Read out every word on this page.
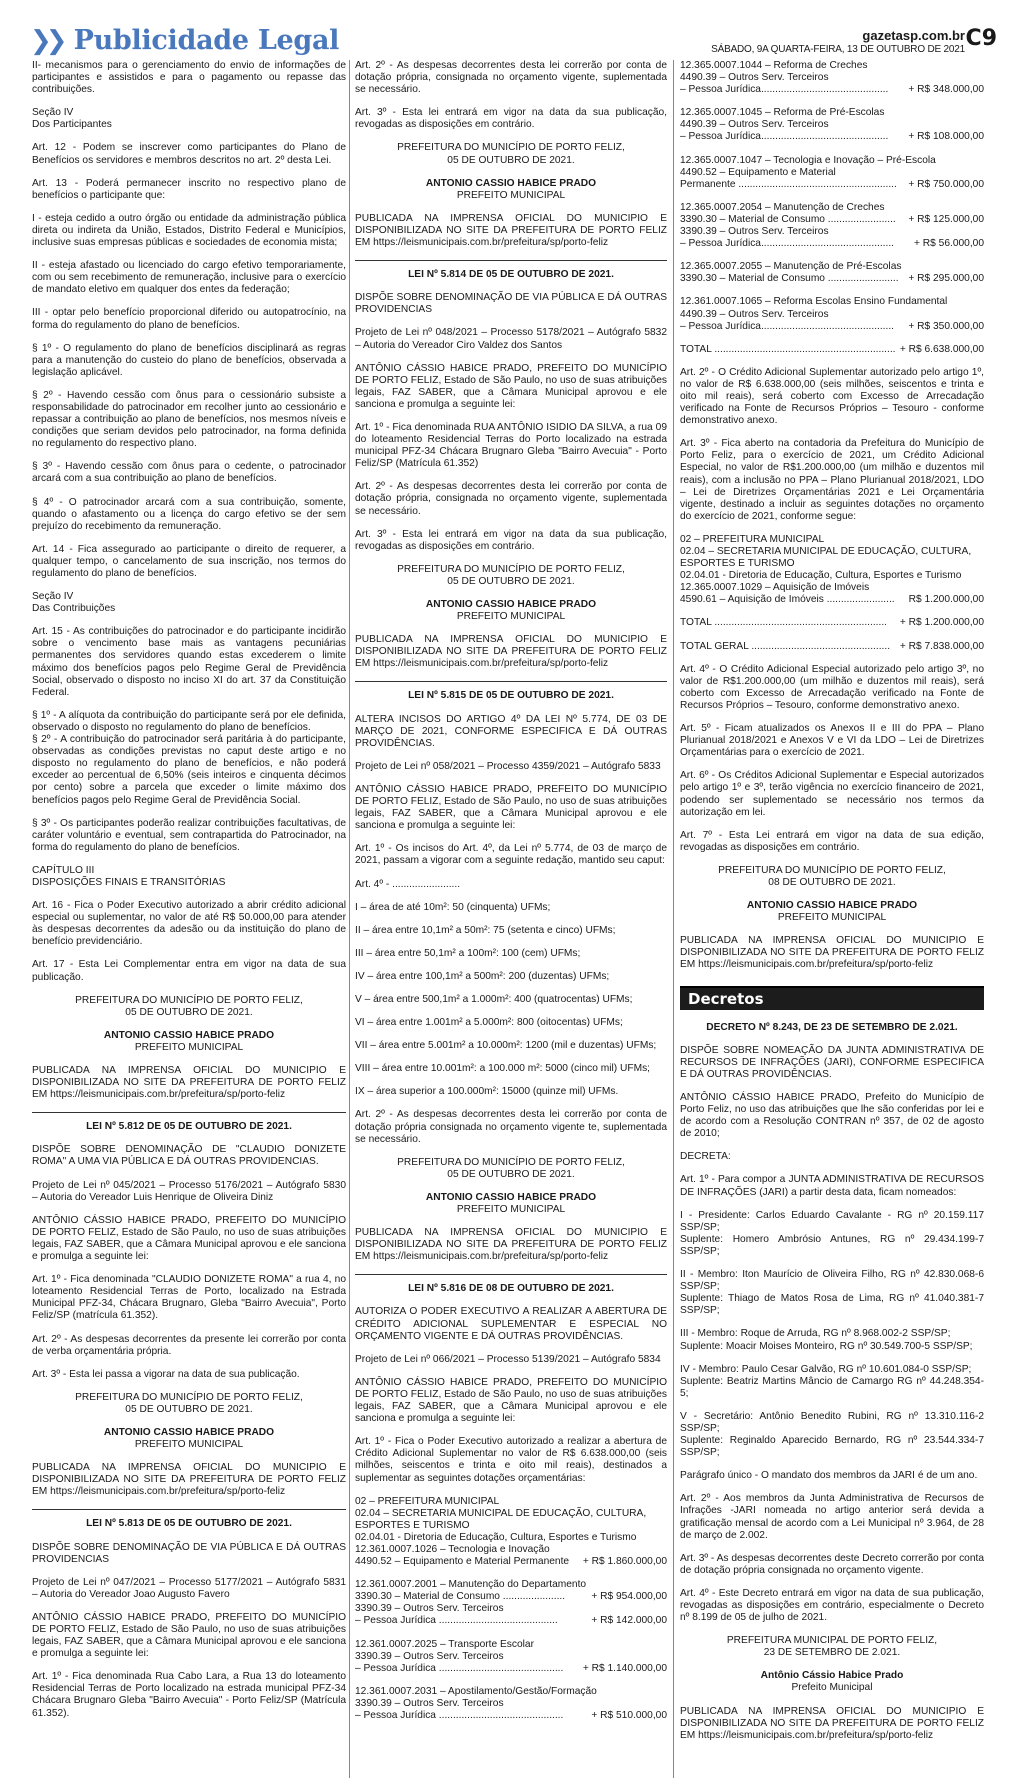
❯❯ Publicidade Legal	gazetasp.com.br
SÁBADO, 9A QUARTA-FEIRA, 13 DE OUTUBRO DE 2021 C9

II- mecanismos para o gerenciamento do envio de informações de participantes e assistidos e para o pagamento ou repasse das contribuições.

Seção IV
Dos Participantes

Art. 12 - Podem se inscrever como participantes do Plano de Benefícios os servidores e membros descritos no art. 2º desta Lei.

Art. 13 - Poderá permanecer inscrito no respectivo plano de benefícios o participante que:

I - esteja cedido a outro órgão ou entidade da administração pública direta ou indireta da União, Estados, Distrito Federal e Municípios, inclusive suas empresas públicas e sociedades de economia mista;

II - esteja afastado ou licenciado do cargo efetivo temporariamente, com ou sem recebimento de remuneração, inclusive para o exercício de mandato eletivo em qualquer dos entes da federação;

III - optar pelo benefício proporcional diferido ou autopatrocínio, na forma do regulamento do plano de benefícios.

§ 1º - O regulamento do plano de benefícios disciplinará as regras para a manutenção do custeio do plano de benefícios, observada a legislação aplicável.

§ 2º - Havendo cessão com ônus para o cessionário subsiste a responsabilidade do patrocinador em recolher junto ao cessionário e repassar a contribuição ao plano de benefícios, nos mesmos níveis e condições que seriam devidos pelo patrocinador, na forma definida no regulamento do respectivo plano.

§ 3º - Havendo cessão com ônus para o cedente, o patrocinador arcará com a sua contribuição ao plano de benefícios.

§ 4º - O patrocinador arcará com a sua contribuição, somente, quando o afastamento ou a licença do cargo efetivo se der sem prejuízo do recebimento da remuneração.

Art. 14 - Fica assegurado ao participante o direito de requerer, a qualquer tempo, o cancelamento de sua inscrição, nos termos do regulamento do plano de benefícios.

Seção IV
Das Contribuições

Art. 15 - As contribuições do patrocinador e do participante incidirão sobre o vencimento base mais as vantagens pecuniárias permanentes dos servidores quando estas excederem o limite máximo dos benefícios pagos pelo Regime Geral de Previdência Social, observado o disposto no inciso XI do art. 37 da Constituição Federal.

§ 1º - A alíquota da contribuição do participante será por ele definida, observado o disposto no regulamento do plano de benefícios.
§ 2º - A contribuição do patrocinador será paritária à do participante, observadas as condições previstas no caput deste artigo e no disposto no regulamento do plano de benefícios, e não poderá exceder ao percentual de 6,50% (seis inteiros e cinquenta décimos por cento) sobre a parcela que exceder o limite máximo dos benefícios pagos pelo Regime Geral de Previdência Social.

§ 3º - Os participantes poderão realizar contribuições facultativas, de caráter voluntário e eventual, sem contrapartida do Patrocinador, na forma do regulamento do plano de benefícios.

CAPÍTULO III
DISPOSIÇÕES FINAIS E TRANSITÓRIAS

Art. 16 - Fica o Poder Executivo autorizado a abrir crédito adicional especial ou suplementar, no valor de até R$ 50.000,00 para atender às despesas decorrentes da adesão ou da instituição do plano de benefício previdenciário.

Art. 17 - Esta Lei Complementar entra em vigor na data de sua publicação.

PREFEITURA DO MUNICÍPIO DE PORTO FELIZ,
05 DE OUTUBRO DE 2021.

ANTONIO CASSIO HABICE PRADO

PREFEITO MUNICIPAL

PUBLICADA NA IMPRENSA OFICIAL DO MUNICIPIO E DISPONIBILIZADA NO SITE DA PREFEITURA DE PORTO FELIZ EM https://leismunicipais.com.br/prefeitura/sp/porto-feliz

LEI Nº 5.812 DE 05 DE OUTUBRO DE 2021.

DISPÕE SOBRE DENOMINAÇÃO DE "CLAUDIO DONIZETE ROMA" A UMA VIA PÚBLICA E DÁ OUTRAS PROVIDENCIAS.

Projeto de Lei nº 045/2021 – Processo 5176/2021 – Autógrafo 5830 – Autoria do Vereador Luis Henrique de Oliveira Diniz

ANTÔNIO CÁSSIO HABICE PRADO, PREFEITO DO MUNICÍPIO DE PORTO FELIZ, Estado de São Paulo, no uso de suas atribuições legais, FAZ SABER, que a Câmara Municipal aprovou e ele sanciona e promulga a seguinte lei:

Art. 1º - Fica denominada "CLAUDIO DONIZETE ROMA" a rua 4, no loteamento Residencial Terras de Porto, localizado na Estrada Municipal PFZ-34, Chácara Brugnaro, Gleba "Bairro Avecuia", Porto Feliz/SP (matrícula 61.352).

Art. 2º - As despesas decorrentes da presente lei correrão por conta de verba orçamentária própria.

Art. 3º - Esta lei passa a vigorar na data de sua publicação.

PREFEITURA DO MUNICÍPIO DE PORTO FELIZ,
05 DE OUTUBRO DE 2021.

ANTONIO CASSIO HABICE PRADO

PREFEITO MUNICIPAL

PUBLICADA NA IMPRENSA OFICIAL DO MUNICIPIO E DISPONIBILIZADA NO SITE DA PREFEITURA DE PORTO FELIZ EM https://leismunicipais.com.br/prefeitura/sp/porto-feliz

LEI Nº 5.813 DE 05 DE OUTUBRO DE 2021.

DISPÕE SOBRE DENOMINAÇÃO DE VIA PÚBLICA E DÁ OUTRAS PROVIDENCIAS

Projeto de Lei nº 047/2021 – Processo 5177/2021 – Autógrafo 5831 – Autoria do Vereador Joao Augusto Favero

ANTÔNIO CÁSSIO HABICE PRADO, PREFEITO DO MUNICÍPIO DE PORTO FELIZ, Estado de São Paulo, no uso de suas atribuições legais, FAZ SABER, que a Câmara Municipal aprovou e ele sanciona e promulga a seguinte lei:

Art. 1º - Fica denominada Rua Cabo Lara, a Rua 13 do loteamento Residencial Terras de Porto localizado na estrada municipal PFZ-34 Chácara Brugnaro Gleba "Bairro Avecuia" - Porto Feliz/SP (Matrícula 61.352).

Art. 2º - As despesas decorrentes desta lei correrão por conta de dotação própria, consignada no orçamento vigente, suplementada se necessário.

Art. 3º - Esta lei entrará em vigor na data da sua publicação, revogadas as disposições em contrário.

PREFEITURA DO MUNICÍPIO DE PORTO FELIZ,
05 DE OUTUBRO DE 2021.

ANTONIO CASSIO HABICE PRADO

PREFEITO MUNICIPAL

PUBLICADA NA IMPRENSA OFICIAL DO MUNICIPIO E DISPONIBILIZADA NO SITE DA PREFEITURA DE PORTO FELIZ EM https://leismunicipais.com.br/prefeitura/sp/porto-feliz

LEI Nº 5.814 DE 05 DE OUTUBRO DE 2021.

DISPÕE SOBRE DENOMINAÇÃO DE VIA PÚBLICA E DÁ OUTRAS PROVIDENCIAS

Projeto de Lei nº 048/2021 – Processo 5178/2021 – Autógrafo 5832 – Autoria do Vereador Ciro Valdez dos Santos

ANTÔNIO CÁSSIO HABICE PRADO, PREFEITO DO MUNICÍPIO DE PORTO FELIZ, Estado de São Paulo, no uso de suas atribuições legais, FAZ SABER, que a Câmara Municipal aprovou e ele sanciona e promulga a seguinte lei:

Art. 1º - Fica denominada RUA ANTÔNIO ISIDIO DA SILVA, a rua 09 do loteamento Residencial Terras do Porto localizado na estrada municipal PFZ-34 Chácara Brugnaro Gleba "Bairro Avecuia" - Porto Feliz/SP (Matrícula 61.352)

Art. 2º - As despesas decorrentes desta lei correrão por conta de dotação própria, consignada no orçamento vigente, suplementada se necessário.

Art. 3º - Esta lei entrará em vigor na data da sua publicação, revogadas as disposições em contrário.

PREFEITURA DO MUNICÍPIO DE PORTO FELIZ,
05 DE OUTUBRO DE 2021.

ANTONIO CASSIO HABICE PRADO

PREFEITO MUNICIPAL

PUBLICADA NA IMPRENSA OFICIAL DO MUNICIPIO E DISPONIBILIZADA NO SITE DA PREFEITURA DE PORTO FELIZ EM https://leismunicipais.com.br/prefeitura/sp/porto-feliz

LEI Nº 5.815 DE 05 DE OUTUBRO DE 2021.

ALTERA INCISOS DO ARTIGO 4º DA LEI Nº 5.774, DE 03 DE MARÇO DE 2021, CONFORME ESPECIFICA E DÁ OUTRAS PROVIDÊNCIAS.

Projeto de Lei nº 058/2021 – Processo 4359/2021 – Autógrafo 5833

ANTÔNIO CÁSSIO HABICE PRADO, PREFEITO DO MUNICÍPIO DE PORTO FELIZ, Estado de São Paulo, no uso de suas atribuições legais, FAZ SABER, que a Câmara Municipal aprovou e ele sanciona e promulga a seguinte lei:

Art. 1º - Os incisos do Art. 4º, da Lei nº 5.774, de 03 de março de 2021, passam a vigorar com a seguinte redação, mantido seu caput:

Art. 4º - ........................

I – área de até 10m²: 50 (cinquenta) UFMs;

II – área entre 10,1m² a 50m²: 75 (setenta e cinco) UFMs;

III – área entre 50,1m² a 100m²: 100 (cem) UFMs;

IV – área entre 100,1m² a 500m²: 200 (duzentas) UFMs;

V – área entre 500,1m² a 1.000m²: 400 (quatrocentas) UFMs;

VI – área entre 1.001m² a 5.000m²: 800 (oitocentas) UFMs;

VII – área entre 5.001m² a 10.000m²: 1200 (mil e duzentas) UFMs;

VIII – área entre 10.001m²: a 100.000 m²: 5000 (cinco mil) UFMs;

IX – área superior a 100.000m²: 15000 (quinze mil) UFMs.

Art. 2º - As despesas decorrentes desta lei correrão por conta de dotação própria consignada no orçamento vigente te, suplementada se necessário.

PREFEITURA DO MUNICÍPIO DE PORTO FELIZ,
05 DE OUTUBRO DE 2021.

ANTONIO CASSIO HABICE PRADO

PREFEITO MUNICIPAL

PUBLICADA NA IMPRENSA OFICIAL DO MUNICIPIO E DISPONIBILIZADA NO SITE DA PREFEITURA DE PORTO FELIZ EM https://leismunicipais.com.br/prefeitura/sp/porto-feliz

LEI Nº 5.816 DE 08 DE OUTUBRO DE 2021.

AUTORIZA O PODER EXECUTIVO A REALIZAR A ABERTURA DE CRÉDITO ADICIONAL SUPLEMENTAR E ESPECIAL NO ORÇAMENTO VIGENTE E DÁ OUTRAS PROVIDÊNCIAS.

Projeto de Lei nº 066/2021 – Processo 5139/2021 – Autógrafo 5834

ANTÔNIO CÁSSIO HABICE PRADO, PREFEITO DO MUNICÍPIO DE PORTO FELIZ, Estado de São Paulo, no uso de suas atribuições legais, FAZ SABER, que a Câmara Municipal aprovou e ele sanciona e promulga a seguinte lei:

Art. 1º - Fica o Poder Executivo autorizado a realizar a abertura de Crédito Adicional Suplementar no valor de R$ 6.638.000,00 (seis milhões, seiscentos e trinta e oito mil reais), destinados a suplementar as seguintes dotações orçamentárias:

02 – PREFEITURA MUNICIPAL
02.04 – SECRETARIA MUNICIPAL DE EDUCAÇÃO, CULTURA, ESPORTES E TURISMO
02.04.01 - Diretoria de Educação, Cultura, Esportes e Turismo
12.361.0007.1026 – Tecnologia e Inovação
4490.52 – Equipamento e Material Permanente + R$ 1.860.000,00
12.361.0007.2001 – Manutenção do Departamento
3390.30 – Material de Consumo ......................	+ R$ 954.000,00
3390.39 – Outros Serv. Terceiros
– Pessoa Jurídica ..........................................	+ R$ 142.000,00
12.361.0007.2025 – Transporte Escolar
3390.39 – Outros Serv. Terceiros
– Pessoa Jurídica ............................................ + R$ 1.140.000,00
12.361.0007.2031 – Apostilamento/Gestão/Formação
3390.39 – Outros Serv. Terceiros
– Pessoa Jurídica ............................................	+ R$ 510.000,00
12.365.0007.1044 – Reforma de Creches
4490.39 – Outros Serv. Terceiros
– Pessoa Jurídica............................................. + R$ 348.000,00
12.365.0007.1045 – Reforma de Pré-Escolas
4490.39 – Outros Serv. Terceiros
– Pessoa Jurídica............................................. + R$ 108.000,00
12.365.0007.1047 – Tecnologia e Inovação – Pré-Escola
4490.52 – Equipamento e Material
Permanente ........................................................ + R$ 750.000,00
12.365.0007.2054 – Manutenção de Creches
3390.30 – Material de Consumo ........................ + R$ 125.000,00
3390.39 – Outros Serv. Terceiros
– Pessoa Jurídica............................................... + R$ 56.000,00
12.365.0007.2055 – Manutenção de Pré-Escolas
3390.30 – Material de Consumo ......................... + R$ 295.000,00
12.361.0007.1065 – Reforma Escolas Ensino Fundamental
4490.39 – Outros Serv. Terceiros
– Pessoa Jurídica............................................... + R$ 350.000,00
TOTAL ................................................................ + R$ 6.638.000,00

Art. 2º - O Crédito Adicional Suplementar autorizado pelo artigo 1º, no valor de R$ 6.638.000,00 (seis milhões, seiscentos e trinta e oito mil reais), será coberto com Excesso de Arrecadação verificado na Fonte de Recursos Próprios – Tesouro - conforme demonstrativo anexo.

Art. 3º - Fica aberto na contadoria da Prefeitura do Município de Porto Feliz, para o exercício de 2021, um Crédito Adicional Especial, no valor de R$1.200.000,00 (um milhão e duzentos mil reais), com a inclusão no PPA – Plano Plurianual 2018/2021, LDO – Lei de Diretrizes Orçamentárias 2021 e Lei Orçamentária vigente, destinado a incluir as seguintes dotações no orçamento do exercício de 2021, conforme segue:

02 – PREFEITURA MUNICIPAL
02.04 – SECRETARIA MUNICIPAL DE EDUCAÇÃO, CULTURA, ESPORTES E TURISMO
02.04.01 - Diretoria de Educação, Cultura, Esportes e Turismo
12.365.0007.1029 – Aquisição de Imóveis
4590.61 – Aquisição de Imóveis ........................ R$ 1.200.000,00
TOTAL ............................................................. + R$ 1.200.000,00
TOTAL GERAL ................................................. + R$ 7.838.000,00

Art. 4º - O Crédito Adicional Especial autorizado pelo artigo 3º, no valor de R$1.200.000,00 (um milhão e duzentos mil reais), será coberto com Excesso de Arrecadação verificado na Fonte de Recursos Próprios – Tesouro, conforme demonstrativo anexo.

Art. 5º - Ficam atualizados os Anexos II e III do PPA – Plano Plurianual 2018/2021 e Anexos V e VI da LDO – Lei de Diretrizes Orçamentárias para o exercício de 2021.

Art. 6º - Os Créditos Adicional Suplementar e Especial autorizados pelo artigo 1º e 3º, terão vigência no exercício financeiro de 2021, podendo ser suplementado se necessário nos termos da autorização em lei.

Art. 7º - Esta Lei entrará em vigor na data de sua edição, revogadas as disposições em contrário.

PREFEITURA DO MUNICÍPIO DE PORTO FELIZ,
08 DE OUTUBRO DE 2021.

ANTONIO CASSIO HABICE PRADO

PREFEITO MUNICIPAL

PUBLICADA NA IMPRENSA OFICIAL DO MUNICIPIO E DISPONIBILIZADA NO SITE DA PREFEITURA DE PORTO FELIZ EM https://leismunicipais.com.br/prefeitura/sp/porto-feliz

Decretos

DECRETO Nº 8.243, DE 23 DE SETEMBRO DE 2.021.

DISPÕE SOBRE NOMEAÇÃO DA JUNTA ADMINISTRATIVA DE RECURSOS DE INFRAÇÕES (JARI), CONFORME ESPECIFICA E DÁ OUTRAS PROVIDÊNCIAS.

ANTÔNIO CÁSSIO HABICE PRADO, Prefeito do Município de Porto Feliz, no uso das atribuições que lhe são conferidas por lei e de acordo com a Resolução CONTRAN nº 357, de 02 de agosto de 2010;

DECRETA:

Art. 1º - Para compor a JUNTA ADMINISTRATIVA DE RECURSOS DE INFRAÇÕES (JARI) a partir desta data, ficam nomeados:

I - Presidente: Carlos Eduardo Cavalante - RG nº 20.159.117 SSP/SP;
Suplente: Homero Ambrósio Antunes, RG nº 29.434.199-7 SSP/SP;

II - Membro: Iton Maurício de Oliveira Filho, RG nº 42.830.068-6 SSP/SP;
Suplente: Thiago de Matos Rosa de Lima, RG nº 41.040.381-7 SSP/SP;

III - Membro: Roque de Arruda, RG nº 8.968.002-2 SSP/SP;
Suplente: Moacir Moises Monteiro, RG nº 30.549.700-5 SSP/SP;

IV - Membro: Paulo Cesar Galvão, RG nº 10.601.084-0 SSP/SP;
Suplente: Beatriz Martins Mâncio de Camargo RG nº 44.248.354-5;

V - Secretário: Antônio Benedito Rubini, RG nº 13.310.116-2 SSP/SP;
Suplente: Reginaldo Aparecido Bernardo, RG nº 23.544.334-7 SSP/SP;

Parágrafo único - O mandato dos membros da JARI é de um ano.

Art. 2º - Aos membros da Junta Administrativa de Recursos de Infrações -JARI nomeada no artigo anterior será devida a gratificação mensal de acordo com a Lei Municipal nº 3.964, de 28 de março de 2.002.

Art. 3º - As despesas decorrentes deste Decreto correrão por conta de dotação própria consignada no orçamento vigente.

Art. 4º - Este Decreto entrará em vigor na data de sua publicação, revogadas as disposições em contrário, especialmente o Decreto nº 8.199 de 05 de julho de 2021.

PREFEITURA MUNICIPAL DE PORTO FELIZ,
23 DE SETEMBRO DE 2.021.

Antônio Cássio Habice Prado

Prefeito Municipal

PUBLICADA NA IMPRENSA OFICIAL DO MUNICIPIO E DISPONIBILIZADA NO SITE DA PREFEITURA DE PORTO FELIZ EM https://leismunicipais.com.br/prefeitura/sp/porto-feliz
